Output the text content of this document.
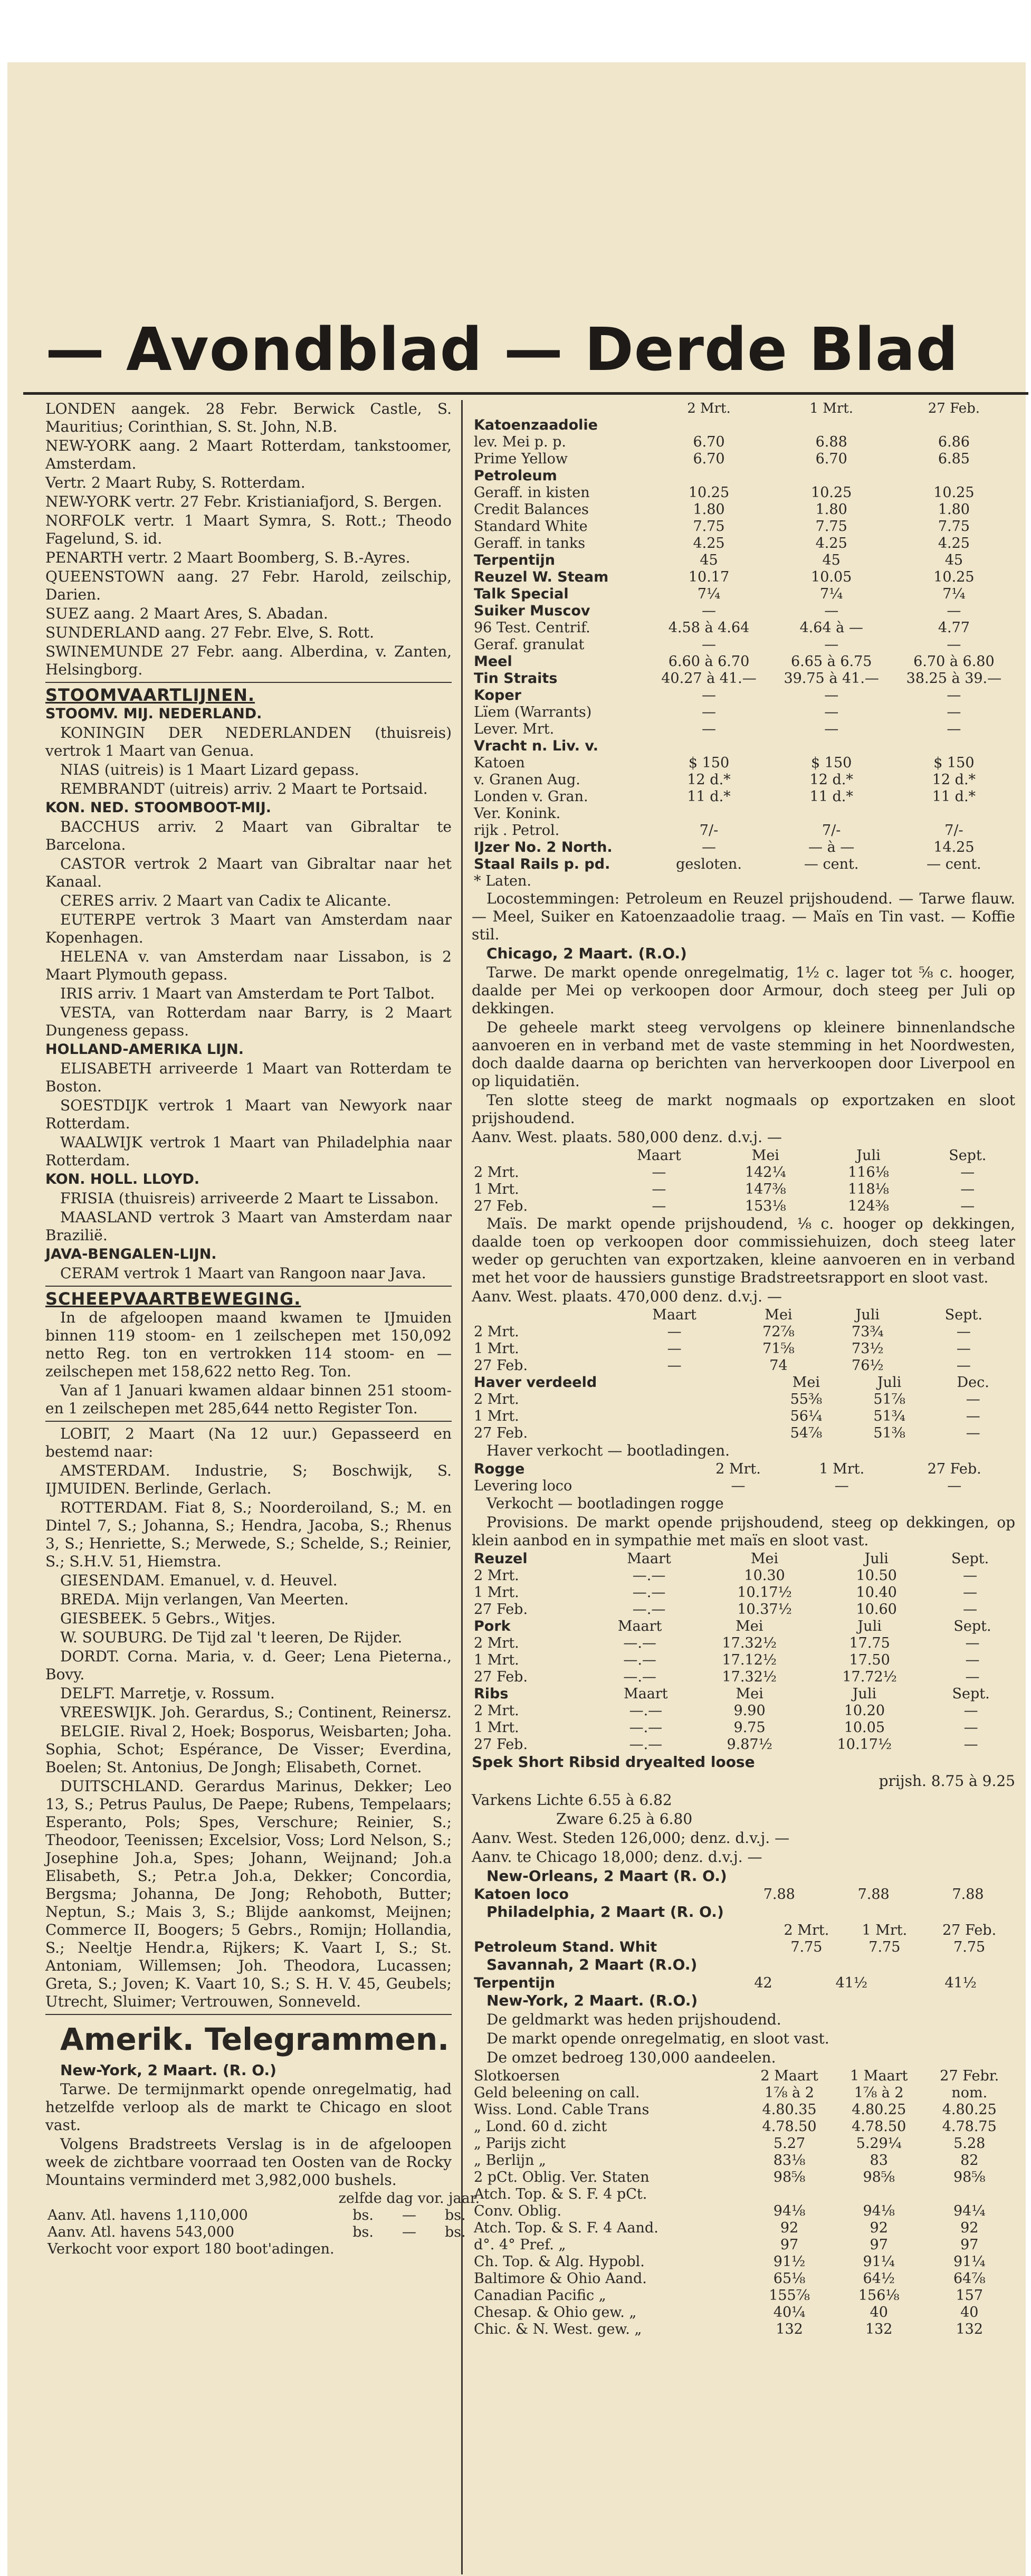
— Avondblad — Derde Blad

LONDEN aangek. 28 Febr. Berwick Castle, S. Mauritius; Corinthian, S. St. John, N.B.

NEW-YORK aang. 2 Maart Rotterdam, tankstoomer, Amsterdam.

Vertr. 2 Maart Ruby, S. Rotterdam.

NEW-YORK vertr. 27 Febr. Kristianiafjord, S. Bergen.

NORFOLK vertr. 1 Maart Symra, S. Rott.; Theodo Fagelund, S. id.

PENARTH vertr. 2 Maart Boomberg, S. B.-Ayres.

QUEENSTOWN aang. 27 Febr. Harold, zeilschip, Darien.

SUEZ aang. 2 Maart Ares, S. Abadan.

SUNDERLAND aang. 27 Febr. Elve, S. Rott.

SWINEMUNDE 27 Febr. aang. Alberdina, v. Zanten, Helsingborg.

STOOMVAARTLIJNEN.

STOOMV. MIJ. NEDERLAND.

KONINGIN DER NEDERLANDEN (thuisreis) vertrok 1 Maart van Genua.

NIAS (uitreis) is 1 Maart Lizard gepass.

REMBRANDT (uitreis) arriv. 2 Maart te Portsaid.

KON. NED. STOOMBOOT-MIJ.

BACCHUS arriv. 2 Maart van Gibraltar te Barcelona.

CASTOR vertrok 2 Maart van Gibraltar naar het Kanaal.

CERES arriv. 2 Maart van Cadix te Alicante.

EUTERPE vertrok 3 Maart van Amsterdam naar Kopenhagen.

HELENA v. van Amsterdam naar Lissabon, is 2 Maart Plymouth gepass.

IRIS arriv. 1 Maart van Amsterdam te Port Talbot.

VESTA, van Rotterdam naar Barry, is 2 Maart Dungeness gepass.

HOLLAND-AMERIKA LIJN.

ELISABETH arriveerde 1 Maart van Rotterdam te Boston.

SOESTDIJK vertrok 1 Maart van Newyork naar Rotterdam.

WAALWIJK vertrok 1 Maart van Philadelphia naar Rotterdam.

KON. HOLL. LLOYD.

FRISIA (thuisreis) arriveerde 2 Maart te Lissabon.

MAASLAND vertrok 3 Maart van Amsterdam naar Brazilië.

JAVA-BENGALEN-LIJN.

CERAM vertrok 1 Maart van Rangoon naar Java.

SCHEEPVAARTBEWEGING.

In de afgeloopen maand kwamen te IJmuiden binnen 119 stoom- en 1 zeilschepen met 150,092 netto Reg. ton en vertrokken 114 stoom- en — zeilschepen met 158,622 netto Reg. Ton.

Van af 1 Januari kwamen aldaar binnen 251 stoom- en 1 zeilschepen met 285,644 netto Register Ton.

LOBIT, 2 Maart (Na 12 uur.) Gepasseerd en bestemd naar:

AMSTERDAM. Industrie, S; Boschwijk, S. IJMUIDEN. Berlinde, Gerlach.

ROTTERDAM. Fiat 8, S.; Noorderoiland, S.; M. en Dintel 7, S.; Johanna, S.; Hendra, Jacoba, S.; Rhenus 3, S.; Henriette, S.; Merwede, S.; Schelde, S.; Reinier, S.; S.H.V. 51, Hiemstra.

GIESENDAM. Emanuel, v. d. Heuvel.

BREDA. Mijn verlangen, Van Meerten.

GIESBEEK. 5 Gebrs., Witjes.

W. SOUBURG. De Tijd zal 't leeren, De Rijder.

DORDT. Corna. Maria, v. d. Geer; Lena Pieterna., Bovy.

DELFT. Marretje, v. Rossum.

VREESWIJK. Joh. Gerardus, S.; Continent, Reinersz.

BELGIE. Rival 2, Hoek; Bosporus, Weisbarten; Joha. Sophia, Schot; Espérance, De Visser; Everdina, Boelen; St. Antonius, De Jongh; Elisabeth, Cornet.

DUITSCHLAND. Gerardus Marinus, Dekker; Leo 13, S.; Petrus Paulus, De Paepe; Rubens, Tempelaars; Esperanto, Pols; Spes, Verschure; Reinier, S.; Theodoor, Teenissen; Excelsior, Voss; Lord Nelson, S.; Josephine Joh.a, Spes; Johann, Weijnand; Joh.a Elisabeth, S.; Petr.a Joh.a, Dekker; Concordia, Bergsma; Johanna, De Jong; Rehoboth, Butter; Neptun, S.; Mais 3, S.; Blijde aankomst, Meijnen; Commerce II, Boogers; 5 Gebrs., Romijn; Hollandia, S.; Neeltje Hendr.a, Rijkers; K. Vaart I, S.; St. Antoniam, Willemsen; Joh. Theodora, Lucassen; Greta, S.; Joven; K. Vaart 10, S.; S. H. V. 45, Geubels; Utrecht, Sluimer; Vertrouwen, Sonneveld.

Amerik. Telegrammen.

New-York, 2 Maart. (R. O.)

Tarwe. De termijnmarkt opende onregelmatig, had hetzelfde verloop als de markt te Chicago en sloot vast.

Volgens Bradstreets Verslag is in de afgeloopen week de zichtbare voorraad ten Oosten van de Rocky Mountains verminderd met 3,982,000 bushels.

	zelfde dag vor. jaar.		
Aanv. Atl. havens 1,110,000	bs.	—	bs.
Aanv. Atl. havens 543,000	bs.	—	bs.
Verkocht voor export 180 boot'adingen.			
	2 Mrt.	1 Mrt.	27 Feb.
Katoenzaadolie			
lev. Mei p. p.	6.70	6.88	6.86
Prime Yellow	6.70	6.70	6.85
Petroleum			
Geraff. in kisten	10.25	10.25	10.25
Credit Balances	1.80	1.80	1.80
Standard White	7.75	7.75	7.75
Geraff. in tanks	4.25	4.25	4.25
Terpentijn	45	45	45
Reuzel W. Steam	10.17	10.05	10.25
Talk Special	7¼	7¼	7¼
Suiker Muscov	—	—	—
96 Test. Centrif.	4.58 à 4.64	4.64 à —	4.77
Geraf. granulat	—	—	—
Meel	6.60 à 6.70	6.65 à 6.75	6.70 à 6.80
Tin Straits	40.27 à 41.—	39.75 à 41.—	38.25 à 39.—
Koper	—	—	—
Lïem (Warrants)	—	—	—
Lever. Mrt.	—	—	—
Vracht n. Liv. v.			
Katoen	$ 150	$ 150	$ 150
v. Granen Aug.	12 d.*	12 d.*	12 d.*
Londen v. Gran.	11 d.*	11 d.*	11 d.*
Ver. Konink.			
rijk . Petrol.	7/-	7/-	7/-
IJzer No. 2 North.	—	— à —	14.25
Staal Rails p. pd.	gesloten.	— cent.	— cent.
* Laten.			

Locostemmingen: Petroleum en Reuzel prijshoudend. — Tarwe flauw. — Meel, Suiker en Katoenzaadolie traag. — Maïs en Tin vast. — Koffie stil.

Chicago, 2 Maart. (R.O.)

Tarwe. De markt opende onregelmatig, 1½ c. lager tot ⅝ c. hooger, daalde per Mei op verkoopen door Armour, doch steeg per Juli op dekkingen.

De geheele markt steeg vervolgens op kleinere binnenlandsche aanvoeren en in verband met de vaste stemming in het Noordwesten, doch daalde daarna op berichten van herverkoopen door Liverpool en op liquidatiën.

Ten slotte steeg de markt nogmaals op exportzaken en sloot prijshoudend.

Aanv. West. plaats. 580,000 denz. d.v.j. —

	Maart	Mei	Juli	Sept.
2 Mrt.	—	142¼	116⅛	—
1 Mrt.	—	147⅜	118⅛	—
27 Feb.	—	153⅛	124⅜	—

Maïs. De markt opende prijshoudend, ⅛ c. hooger op dekkingen, daalde toen op verkoopen door commissiehuizen, doch steeg later weder op geruchten van exportzaken, kleine aanvoeren en in verband met het voor de haussiers gunstige Bradstreetsrapport en sloot vast.

Aanv. West. plaats. 470,000 denz. d.v.j. —

	Maart	Mei	Juli	Sept.
2 Mrt.	—	72⅞	73¾	—
1 Mrt.	—	71⅝	73½	—
27 Feb.	—	74	76½	—
Haver verdeeld	Mei	Juli	Dec.
2 Mrt.	55⅜	51⅞	—
1 Mrt.	56¼	51¾	—
27 Feb.	54⅞	51⅜	—

Haver verkocht — bootladingen.

Rogge	2 Mrt.	1 Mrt.	27 Feb.
Levering loco	—	—	—

Verkocht — bootladingen rogge

Provisions. De markt opende prijshoudend, steeg op dekkingen, op klein aanbod en in sympathie met maïs en sloot vast.

Reuzel	Maart	Mei	Juli	Sept.
2 Mrt.	—.—	10.30	10.50	—
1 Mrt.	—.—	10.17½	10.40	—
27 Feb.	—.—	10.37½	10.60	—
Pork	Maart	Mei	Juli	Sept.
2 Mrt.	—.—	17.32½	17.75	—
1 Mrt.	—.—	17.12½	17.50	—
27 Feb.	—.—	17.32½	17.72½	—
Ribs	Maart	Mei	Juli	Sept.
2 Mrt.	—.—	9.90	10.20	—
1 Mrt.	—.—	9.75	10.05	—
27 Feb.	—.—	9.87½	10.17½	—

Spek Short Ribsid dryealted loose

prijsh. 8.75 à 9.25

Varkens Lichte 6.55 à 6.82

Zware 6.25 à 6.80

Aanv. West. Steden 126,000; denz. d.v.j. —

Aanv. te Chicago 18,000; denz. d.v.j. —

New-Orleans, 2 Maart (R. O.)

Katoen loco	7.88	7.88	7.88

Philadelphia, 2 Maart (R. O.)

	2 Mrt.	1 Mrt.	27 Feb.
Petroleum Stand. Whit	7.75	7.75	7.75

Savannah, 2 Maart (R.O.)

Terpentijn	42	41½	41½

New-York, 2 Maart. (R.O.)

De geldmarkt was heden prijshoudend.

De markt opende onregelmatig, en sloot vast.

De omzet bedroeg 130,000 aandeelen.

Slotkoersen	2 Maart	1 Maart	27 Febr.
Geld beleening on call.	1⅞ à 2	1⅞ à 2	nom.
Wiss. Lond. Cable Trans	4.80.35	4.80.25	4.80.25
„ Lond. 60 d. zicht	4.78.50	4.78.50	4.78.75
„ Parijs zicht	5.27	5.29¼	5.28
„ Berlijn „	83⅛	83	82
2 pCt. Oblig. Ver. Staten	98⅝	98⅝	98⅝
Atch. Top. & S. F. 4 pCt.			
Conv. Oblig.	94⅛	94⅛	94¼
Atch. Top. & S. F. 4 Aand.	92	92	92
d°. 4° Pref. „	97	97	97
Ch. Top. & Alg. Hypobl.	91½	91¼	91¼
Baltimore & Ohio Aand.	65⅛	64½	64⅞
Canadian Pacific „	155⅞	156⅛	157
Chesap. & Ohio gew. „	40¼	40	40
Chic. & N. West. gew. „	132	132	132
